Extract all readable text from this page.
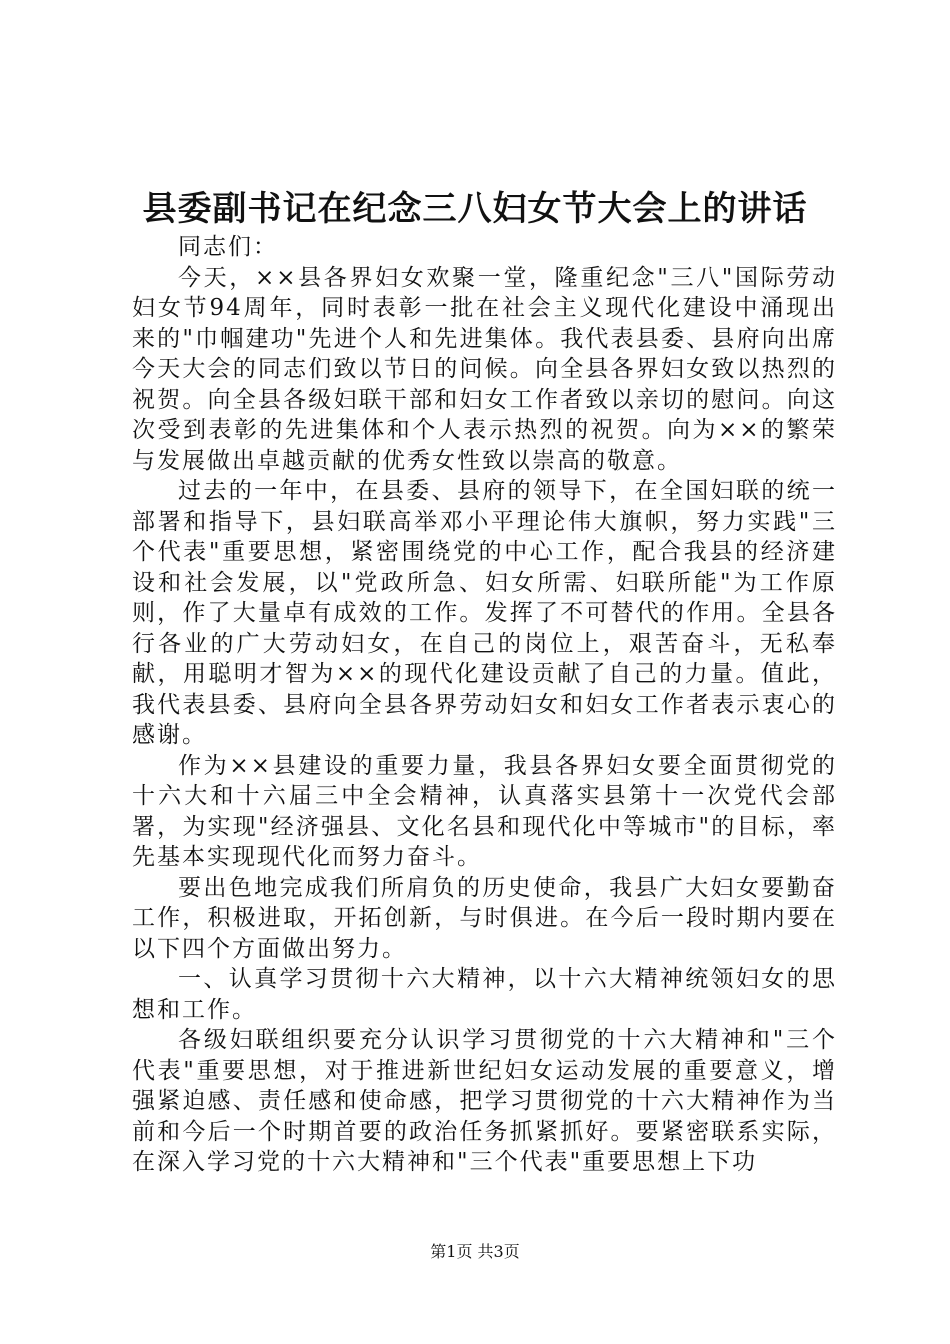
县委副书记在纪念三八妇女节大会上的讲话

同志们：

今天，××县各界妇女欢聚一堂，隆重纪念"三八"国际劳动妇女节94周年，同时表彰一批在社会主义现代化建设中涌现出来的"巾帼建功"先进个人和先进集体。我代表县委、县府向出席今天大会的同志们致以节日的问候。向全县各界妇女致以热烈的祝贺。向全县各级妇联干部和妇女工作者致以亲切的慰问。向这次受到表彰的先进集体和个人表示热烈的祝贺。向为××的繁荣与发展做出卓越贡献的优秀女性致以崇高的敬意。

过去的一年中，在县委、县府的领导下，在全国妇联的统一部署和指导下，县妇联高举邓小平理论伟大旗帜，努力实践"三个代表"重要思想，紧密围绕党的中心工作，配合我县的经济建设和社会发展，以"党政所急、妇女所需、妇联所能"为工作原则，作了大量卓有成效的工作。发挥了不可替代的作用。全县各行各业的广大劳动妇女，在自己的岗位上，艰苦奋斗，无私奉献，用聪明才智为××的现代化建设贡献了自己的力量。值此，我代表县委、县府向全县各界劳动妇女和妇女工作者表示衷心的感谢。

作为××县建设的重要力量，我县各界妇女要全面贯彻党的十六大和十六届三中全会精神，认真落实县第十一次党代会部署，为实现"经济强县、文化名县和现代化中等城市"的目标，率先基本实现现代化而努力奋斗。

要出色地完成我们所肩负的历史使命，我县广大妇女要勤奋工作，积极进取，开拓创新，与时俱进。在今后一段时期内要在以下四个方面做出努力。

一、认真学习贯彻十六大精神，以十六大精神统领妇女的思想和工作。

各级妇联组织要充分认识学习贯彻党的十六大精神和"三个代表"重要思想，对于推进新世纪妇女运动发展的重要意义，增强紧迫感、责任感和使命感，把学习贯彻党的十六大精神作为当前和今后一个时期首要的政治任务抓紧抓好。要紧密联系实际，在深入学习党的十六大精神和"三个代表"重要思想上下功

第1页 共3页
